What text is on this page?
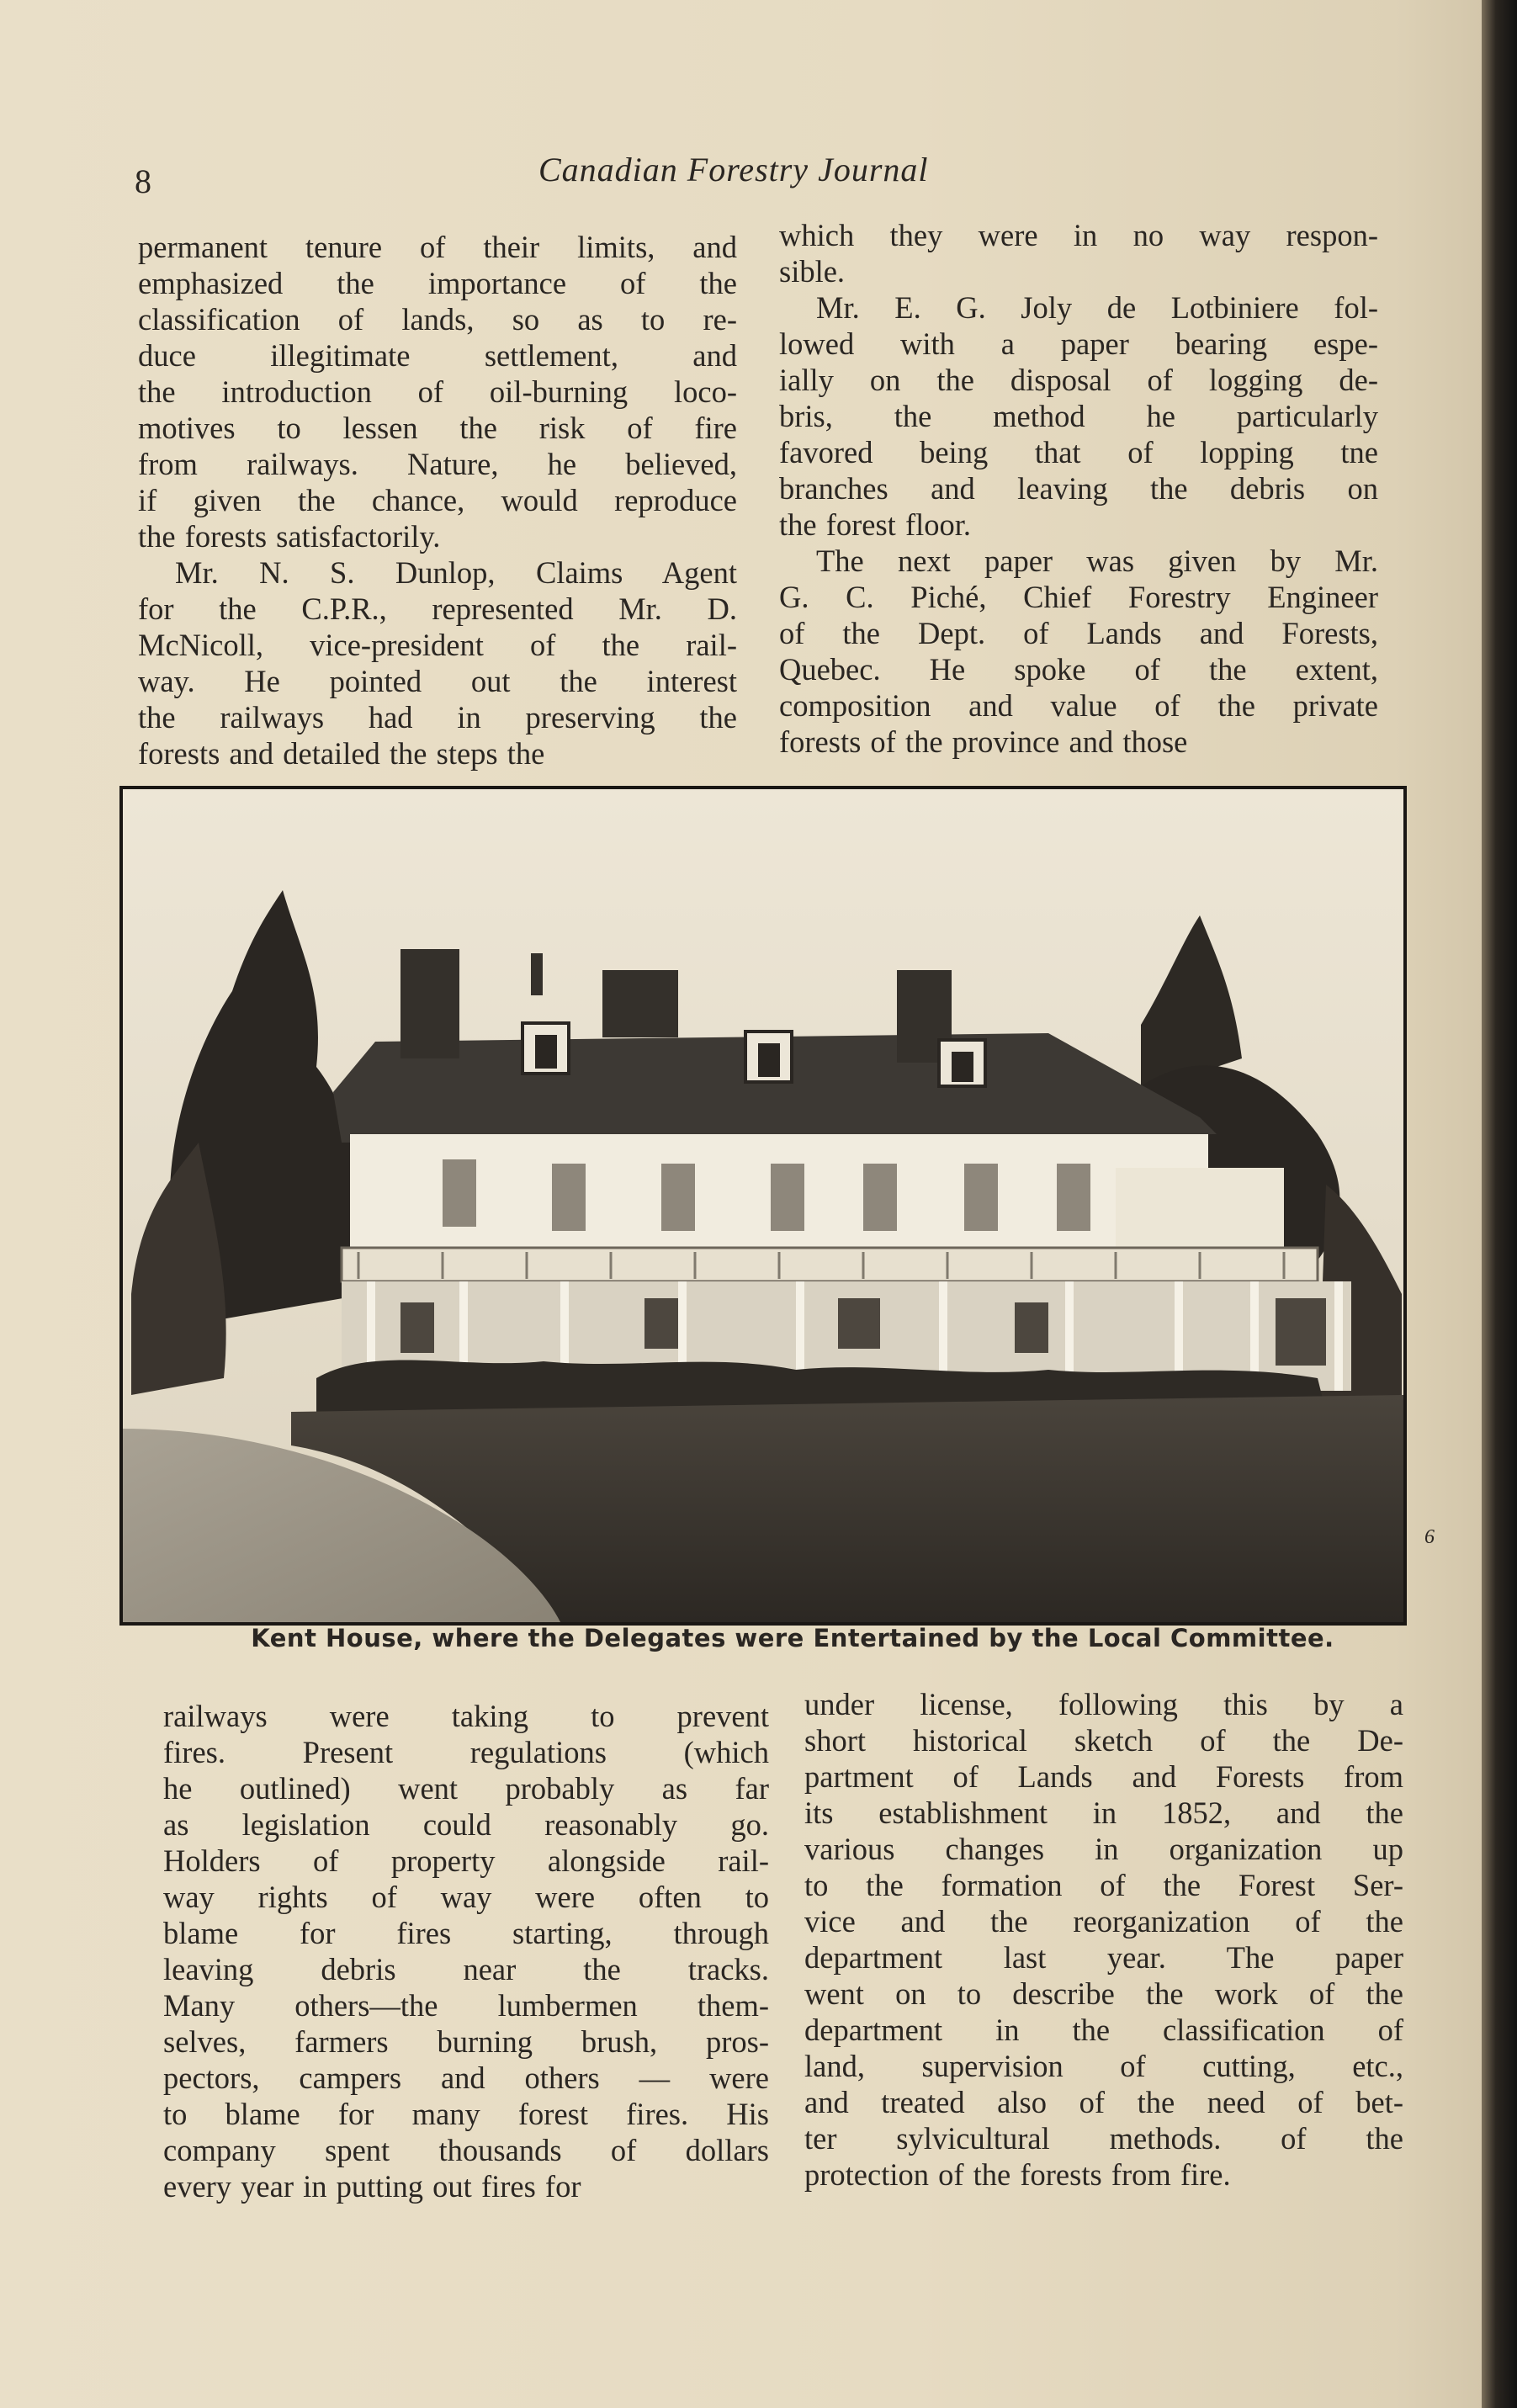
8	Canadian Forestry Journal
permanent tenure of their limits, and
emphasized the importance of the
classification of lands, so as to re-
duce illegitimate settlement, and
the introduction of oil-burning loco-
motives to lessen the risk of fire
from railways. Nature, he believed,
if given the chance, would reproduce
the forests satisfactorily.
Mr. N. S. Dunlop, Claims Agent
for the C.P.R., represented Mr. D.
McNicoll, vice-president of the rail-
way. He pointed out the interest
the railways had in preserving the
forests and detailed the steps the
which they were in no way respon-
sible.
Mr. E. G. Joly de Lotbiniere fol-
lowed with a paper bearing espe-
ially on the disposal of logging de-
bris, the method he particularly
favored being that of lopping tne
branches and leaving the debris on
the forest floor.
The next paper was given by Mr.
G. C. Piché, Chief Forestry Engineer
of the Dept. of Lands and Forests,
Quebec. He spoke of the extent,
composition and value of the private
forests of the province and those
Kent House, where the Delegates were Entertained by the Local Committee.
6
railways were taking to prevent
fires. Present regulations (which
he outlined) went probably as far
as legislation could reasonably go.
Holders of property alongside rail-
way rights of way were often to
blame for fires starting, through
leaving debris near the tracks.
Many others—the lumbermen them-
selves, farmers burning brush, pros-
pectors, campers and others — were
to blame for many forest fires. His
company spent thousands of dollars
every year in putting out fires for
under license, following this by a
short historical sketch of the De-
partment of Lands and Forests from
its establishment in 1852, and the
various changes in organization up
to the formation of the Forest Ser-
vice and the reorganization of the
department last year. The paper
went on to describe the work of the
department in the classification of
land, supervision of cutting, etc.,
and treated also of the need of bet-
ter sylvicultural methods. of the
protection of the forests from fire.
